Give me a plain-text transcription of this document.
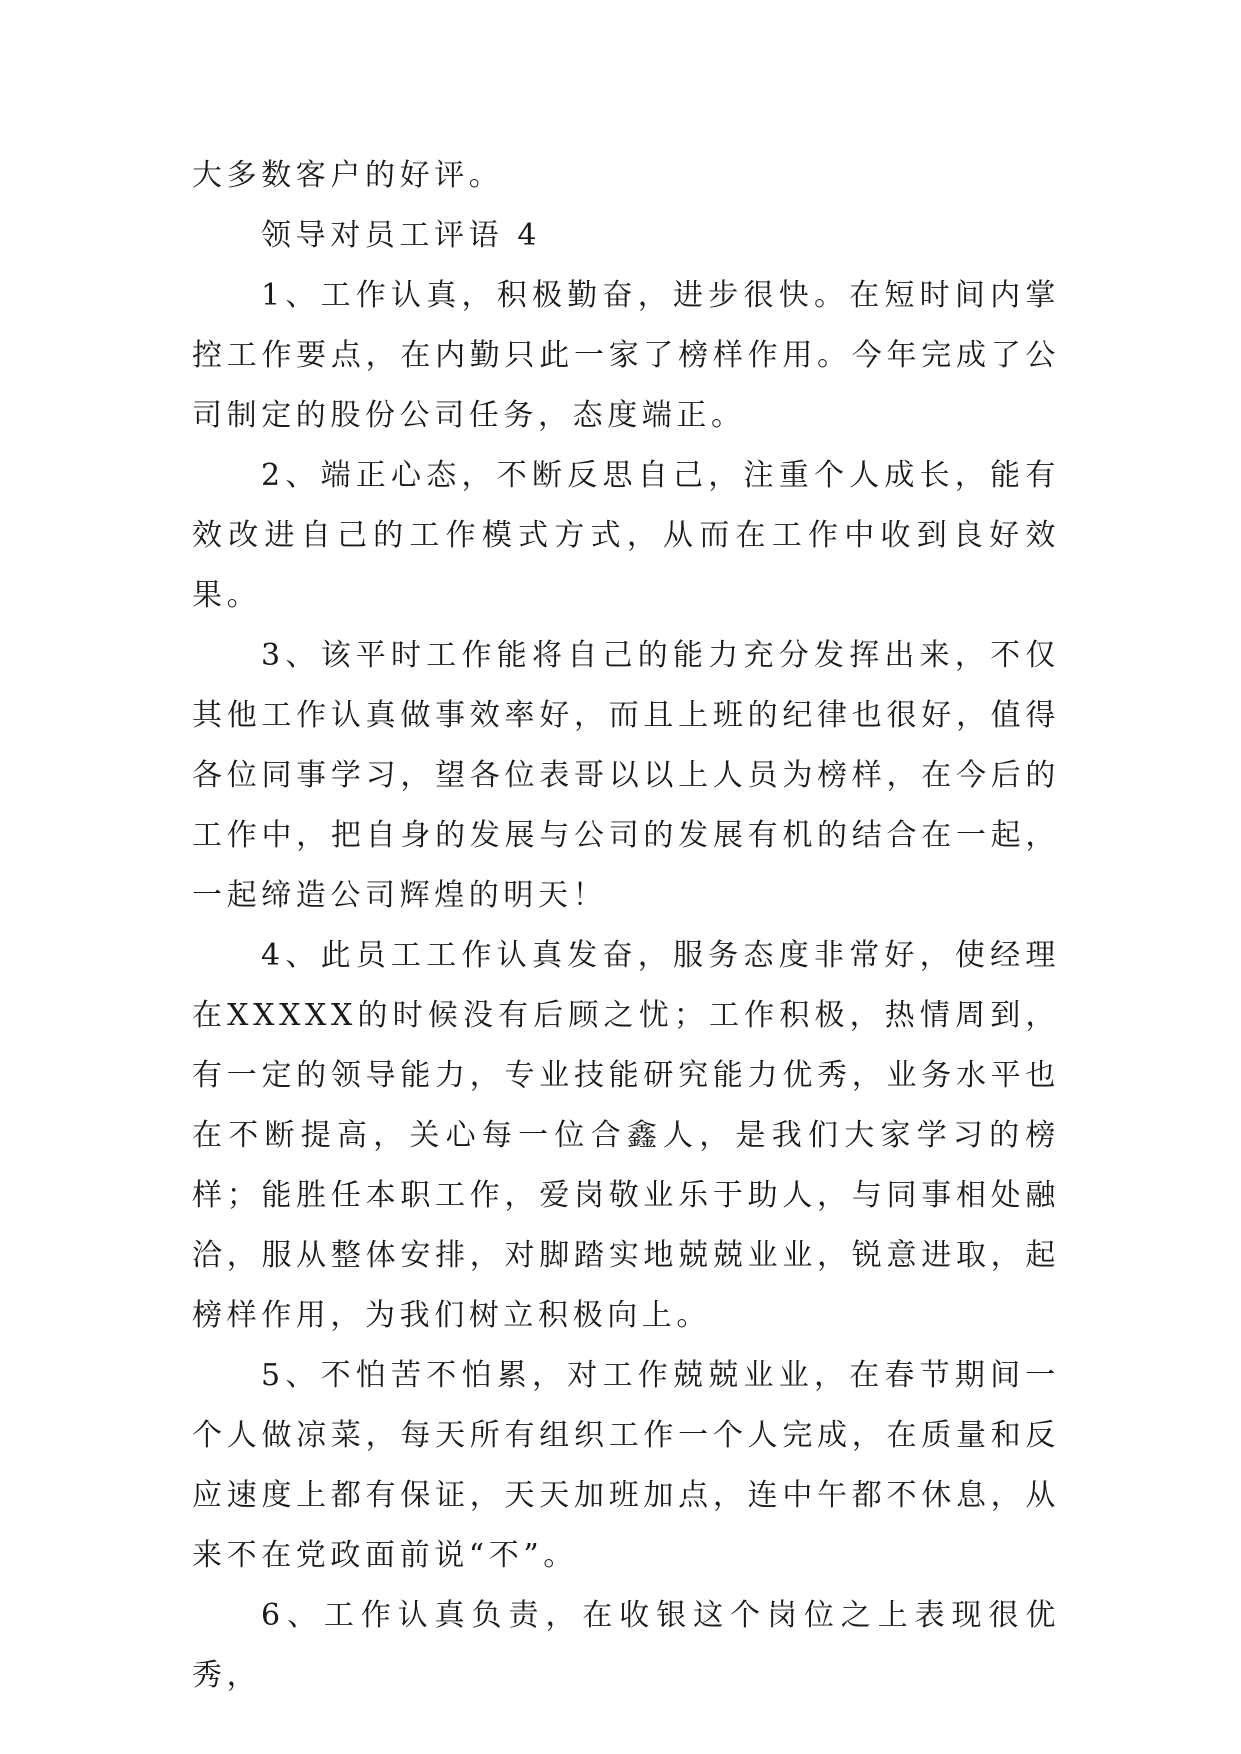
大多数客户的好评。

领导对员工评语 4

1、工作认真，积极勤奋，进步很快。在短时间内掌控工作要点，在内勤只此一家了榜样作用。今年完成了公司制定的股份公司任务，态度端正。

2、端正心态，不断反思自己，注重个人成长，能有效改进自己的工作模式方式，从而在工作中收到良好效果。

3、该平时工作能将自己的能力充分发挥出来，不仅其他工作认真做事效率好，而且上班的纪律也很好，值得各位同事学习，望各位表哥以以上人员为榜样，在今后的工作中，把自身的发展与公司的发展有机的结合在一起，一起缔造公司辉煌的明天！

4、此员工工作认真发奋，服务态度非常好，使经理在XXXXX的时候没有后顾之忧；工作积极，热情周到，有一定的领导能力，专业技能研究能力优秀，业务水平也在不断提高，关心每一位合鑫人，是我们大家学习的榜样；能胜任本职工作，爱岗敬业乐于助人，与同事相处融洽，服从整体安排，对脚踏实地兢兢业业，锐意进取，起榜样作用，为我们树立积极向上。

5、不怕苦不怕累，对工作兢兢业业，在春节期间一个人做凉菜，每天所有组织工作一个人完成，在质量和反应速度上都有保证，天天加班加点，连中午都不休息，从来不在党政面前说“不”。

6、工作认真负责，在收银这个岗位之上表现很优秀，
